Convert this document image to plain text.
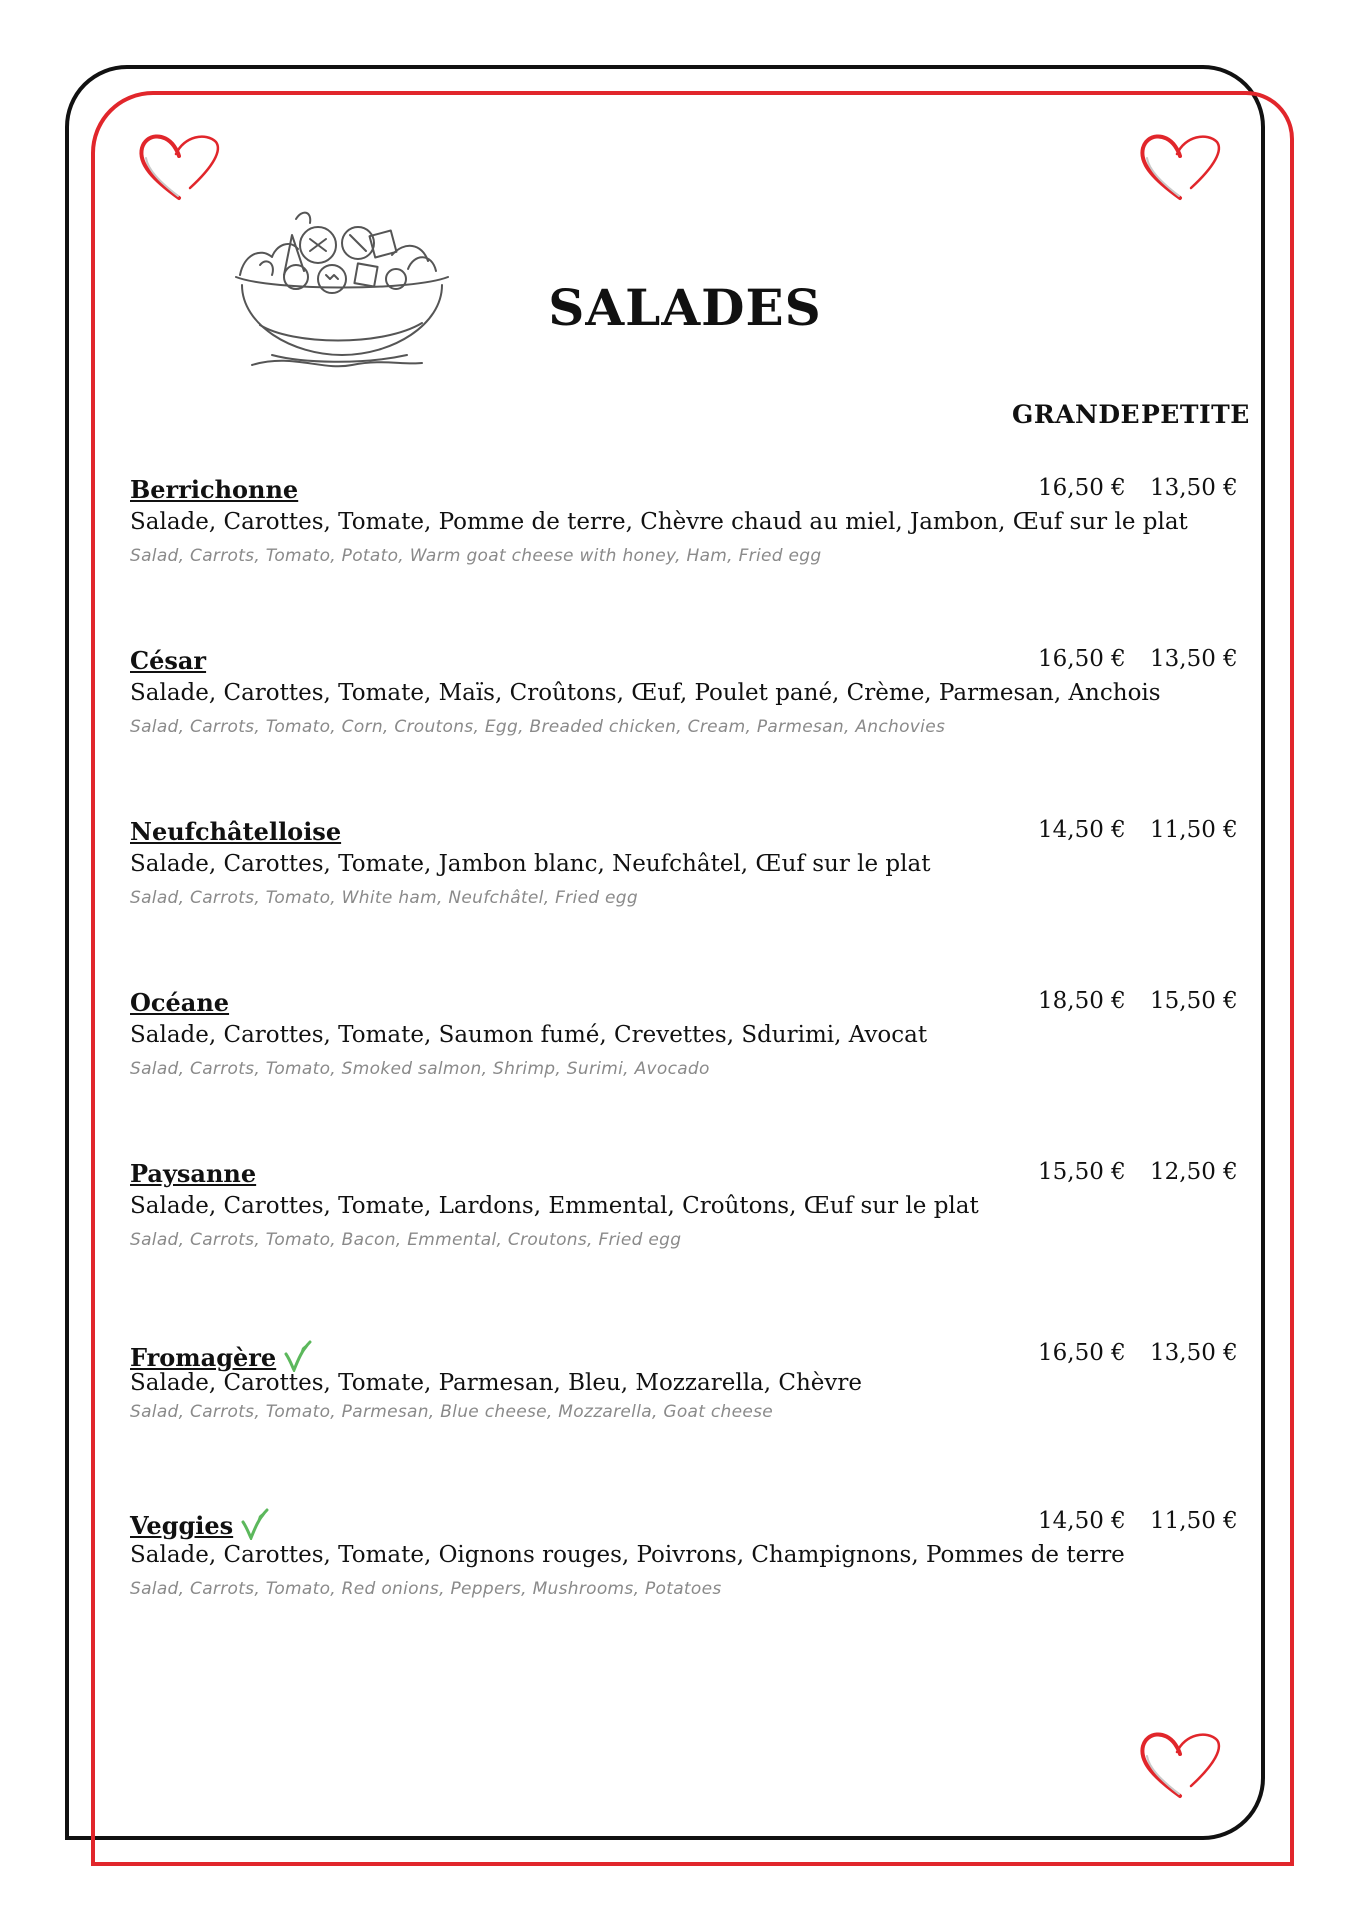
SALADES
GRANDE PETITE
Berrichonne	16,50 € 13,50 €
Salade, Carottes, Tomate, Pomme de terre, Chèvre chaud au miel, Jambon, Œuf sur le plat
Salad, Carrots, Tomato, Potato, Warm goat cheese with honey, Ham, Fried egg
César	16,50 € 13,50 €
Salade, Carottes, Tomate, Maïs, Croûtons, Œuf, Poulet pané, Crème, Parmesan, Anchois
Salad, Carrots, Tomato, Corn, Croutons, Egg, Breaded chicken, Cream, Parmesan, Anchovies
Neufchâtelloise	14,50 € 11,50 €
Salade, Carottes, Tomate, Jambon blanc, Neufchâtel, Œuf sur le plat
Salad, Carrots, Tomato, White ham, Neufchâtel, Fried egg
Océane	18,50 € 15,50 €
Salade, Carottes, Tomate, Saumon fumé, Crevettes, Sdurimi, Avocat
Salad, Carrots, Tomato, Smoked salmon, Shrimp, Surimi, Avocado
Paysanne	15,50 € 12,50 €
Salade, Carottes, Tomate, Lardons, Emmental, Croûtons, Œuf sur le plat
Salad, Carrots, Tomato, Bacon, Emmental, Croutons, Fried egg
Fromagère	16,50 € 13,50 €
Salade, Carottes, Tomate, Parmesan, Bleu, Mozzarella, Chèvre
Salad, Carrots, Tomato, Parmesan, Blue cheese, Mozzarella, Goat cheese
Veggies	14,50 € 11,50 €
Salade, Carottes, Tomate, Oignons rouges, Poivrons, Champignons, Pommes de terre
Salad, Carrots, Tomato, Red onions, Peppers, Mushrooms, Potatoes
